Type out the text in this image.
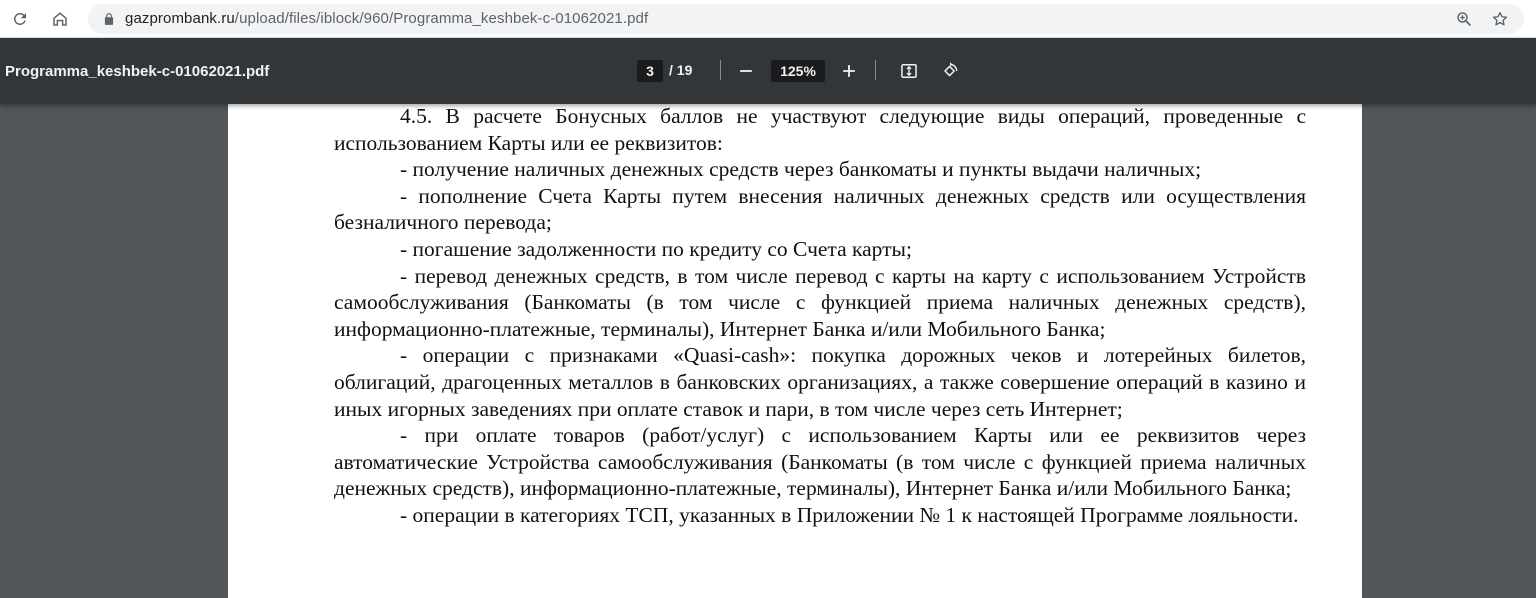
gazprombank.ru/upload/files/iblock/960/Programma_keshbek-c-01062021.pdf
Programma_keshbek-c-01062021.pdf	3	/ 19	125%

4.5. В расчете Бонусных баллов не участвуют следующие виды операций, проведенные с использованием Карты или ее реквизитов:

- получение наличных денежных средств через банкоматы и пункты выдачи наличных;

- пополнение Счета Карты путем внесения наличных денежных средств или осуществления безналичного перевода;

- погашение задолженности по кредиту со Счета карты;

- перевод денежных средств, в том числе перевод с карты на карту с использованием Устройств самообслуживания (Банкоматы (в том числе с функцией приема наличных денежных средств), информационно-платежные, терминалы), Интернет Банка и/или Мобильного Банка;

- операции с признаками «Quasi-cash»: покупка дорожных чеков и лотерейных билетов, облигаций, драгоценных металлов в банковских организациях, а также совершение операций в казино и иных игорных заведениях при оплате ставок и пари, в том числе через сеть Интернет;

- при оплате товаров (работ/услуг) с использованием Карты или ее реквизитов через автоматические Устройства самообслуживания (Банкоматы (в том числе с функцией приема наличных денежных средств), информационно-платежные, терминалы), Интернет Банка и/или Мобильного Банка;

- операции в категориях ТСП, указанных в Приложении № 1 к настоящей Программе лояльности.
